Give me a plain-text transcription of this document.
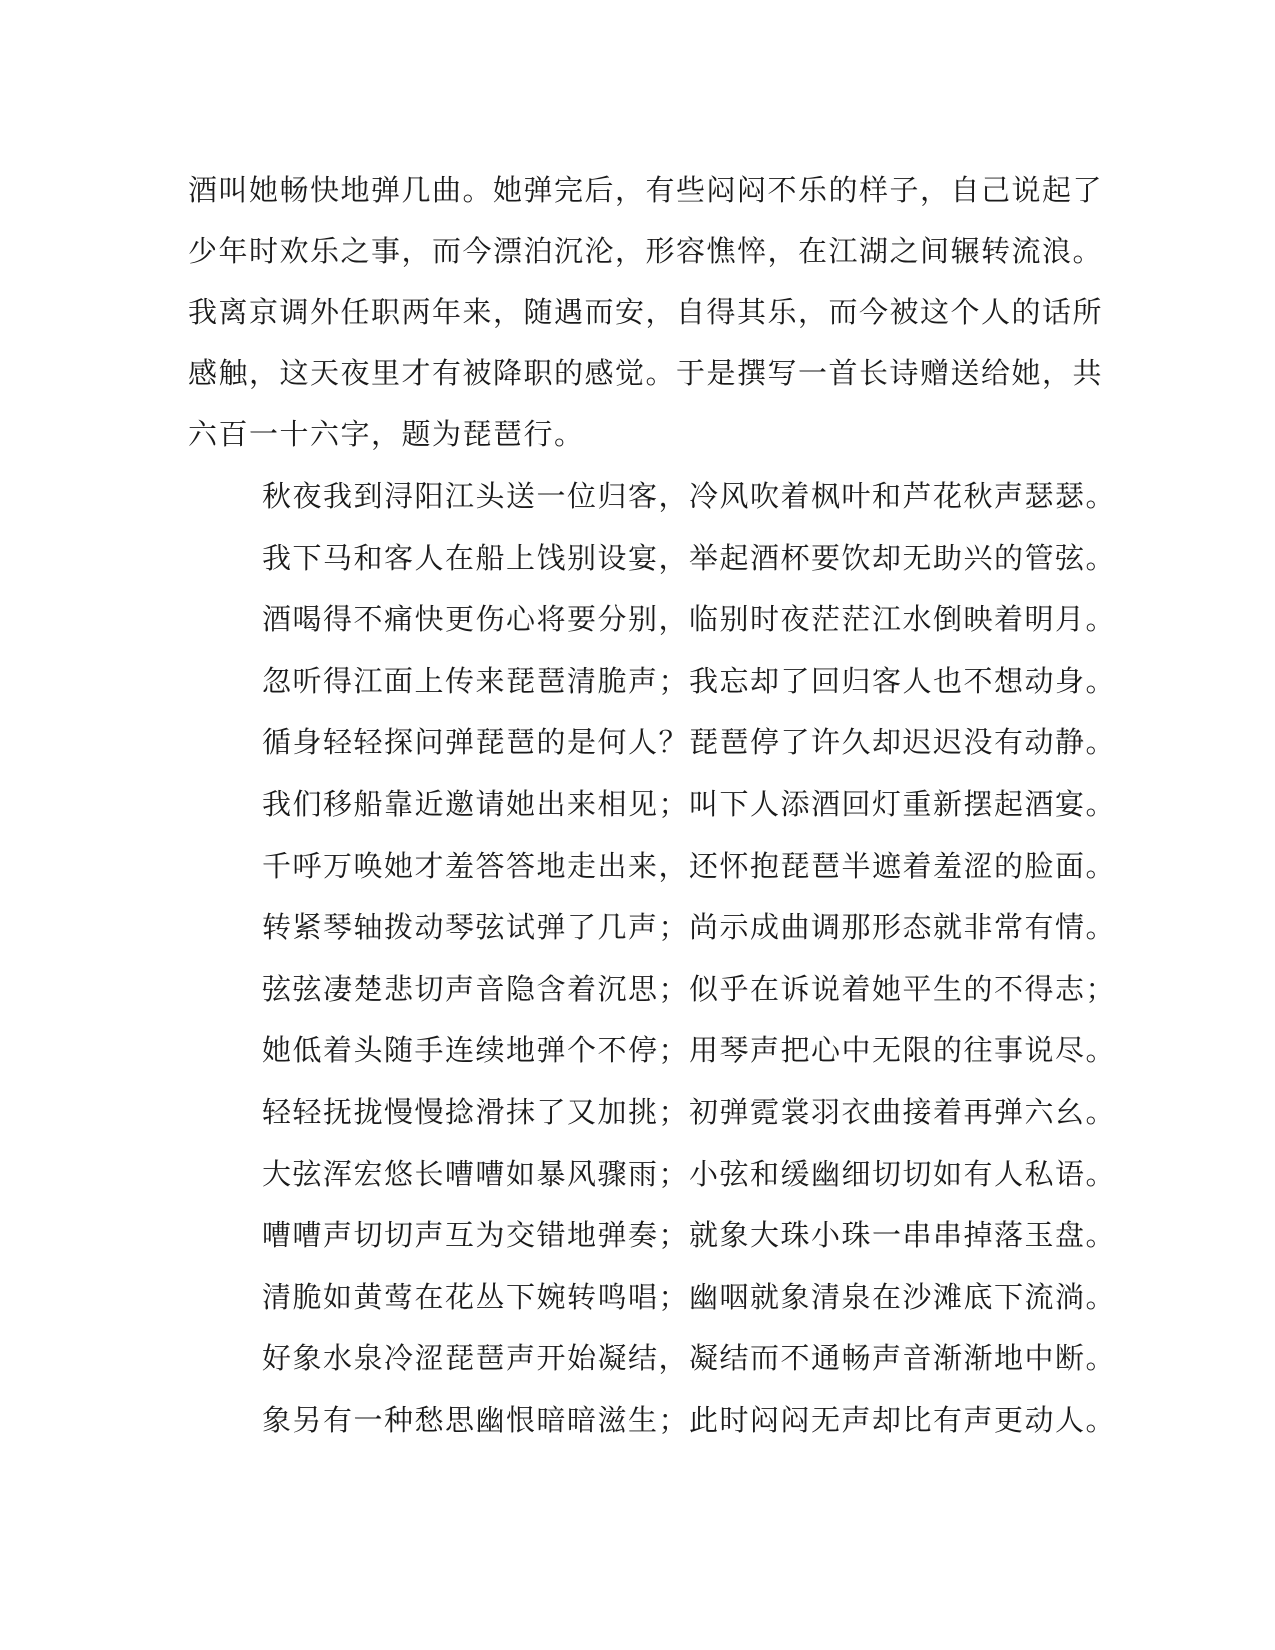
酒叫她畅快地弹几曲。她弹完后，有些闷闷不乐的样子，自己说起了
少年时欢乐之事，而今漂泊沉沦，形容憔悴，在江湖之间辗转流浪。
我离京调外任职两年来，随遇而安，自得其乐，而今被这个人的话所
感触，这天夜里才有被降职的感觉。于是撰写一首长诗赠送给她，共
六百一十六字，题为琵琶行。
秋夜我到浔阳江头送一位归客，冷风吹着枫叶和芦花秋声瑟瑟。
我下马和客人在船上饯别设宴，举起酒杯要饮却无助兴的管弦。
酒喝得不痛快更伤心将要分别，临别时夜茫茫江水倒映着明月。
忽听得江面上传来琵琶清脆声；我忘却了回归客人也不想动身。
循身轻轻探问弹琵琶的是何人？琵琶停了许久却迟迟没有动静。
我们移船靠近邀请她出来相见；叫下人添酒回灯重新摆起酒宴。
千呼万唤她才羞答答地走出来，还怀抱琵琶半遮着羞涩的脸面。
转紧琴轴拨动琴弦试弹了几声；尚示成曲调那形态就非常有情。
弦弦凄楚悲切声音隐含着沉思；似乎在诉说着她平生的不得志；
她低着头随手连续地弹个不停；用琴声把心中无限的往事说尽。
轻轻抚拢慢慢捻滑抹了又加挑；初弹霓裳羽衣曲接着再弹六幺。
大弦浑宏悠长嘈嘈如暴风骤雨；小弦和缓幽细切切如有人私语。
嘈嘈声切切声互为交错地弹奏；就象大珠小珠一串串掉落玉盘。
清脆如黄莺在花丛下婉转鸣唱；幽咽就象清泉在沙滩底下流淌。
好象水泉冷涩琵琶声开始凝结，凝结而不通畅声音渐渐地中断。
象另有一种愁思幽恨暗暗滋生；此时闷闷无声却比有声更动人。
